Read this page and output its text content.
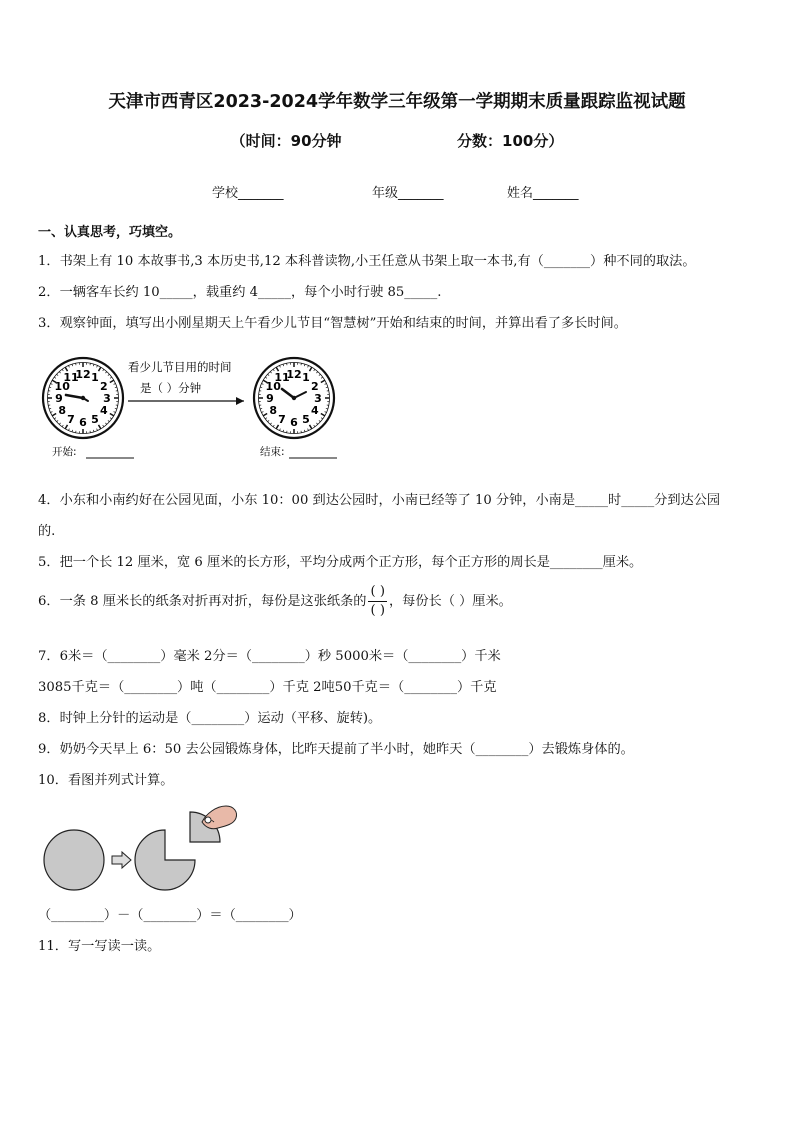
天津市西青区2023-2024学年数学三年级第一学期期末质量跟踪监视试题
（时间：90分钟	分数：100分）
学校_______	年级_______	姓名_______
一、认真思考，巧填空。
1．书架上有 10 本故事书,3 本历史书,12 本科普读物,小王任意从书架上取一本书,有（_______）种不同的取法。
2．一辆客车长约 10_____，载重约 4_____，每个小时行驶 85_____.
3．观察钟面，填写出小刚星期天上午看少儿节目“智慧树”开始和结束的时间，并算出看了多长时间。
12 1
2
3
4
5
6
7
8
9
10
11
看少儿节目用的时间
是（ ）分钟
12 1
2
3
4
5
6
7
8
9
10
11
开始:	结束:
4．小东和小南约好在公园见面，小东 10：00 到达公园时，小南已经等了 10 分钟，小南是_____时_____分到达公园
的.
5．把一个长 12 厘米，宽 6 厘米的长方形，平均分成两个正方形，每个正方形的周长是________厘米。
6．一条 8 厘米长的纸条对折再对折，每份是这张纸条的 $\frac{( )}{( )}$ ，每份长（ ）厘米。
7．6米＝（________）毫米 2分＝（________）秒 5000米＝（________）千米
3085千克＝（________）吨（________）千克 2吨50千克＝（________）千克
8．时钟上分针的运动是（________）运动（平移、旋转)。
9．奶奶今天早上 6：50 去公园锻炼身体，比昨天提前了半小时，她昨天（________）去锻炼身体的。
10．看图并列式计算。
（________）－（________）＝（________）
11．写一写读一读。
